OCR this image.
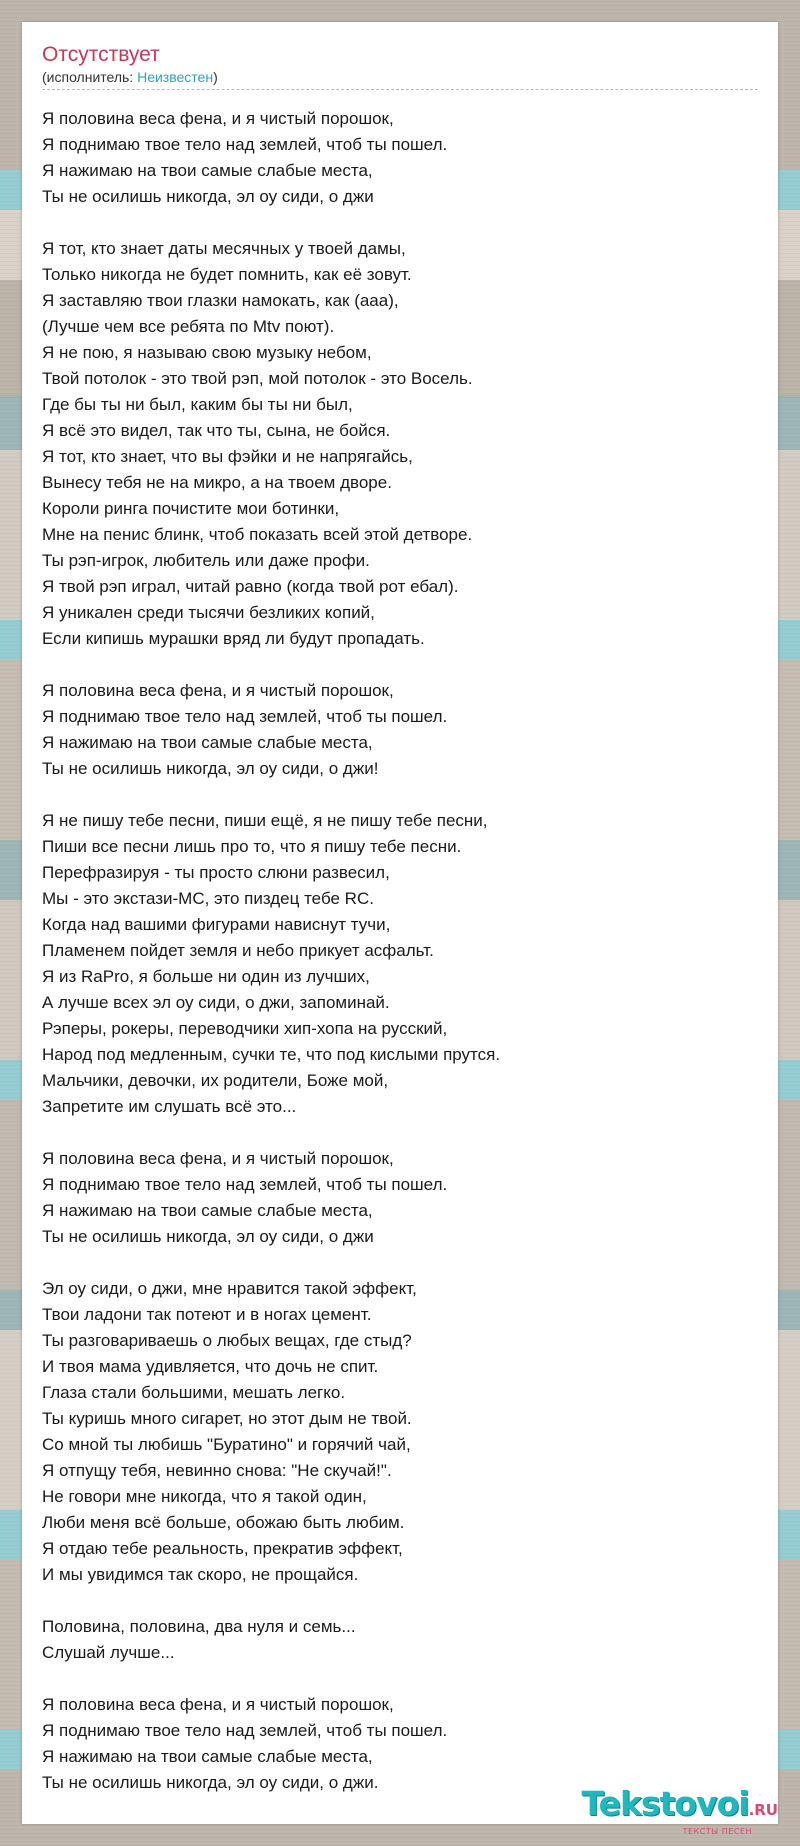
Отсутствует
(исполнитель: Неизвестен)
Я половина веса фена, и я чистый порошок,
Я поднимаю твое тело над землей, чтоб ты пошел.
Я нажимаю на твои самые слабые места,
Ты не осилишь никогда, эл оу сиди, о джи
Я тот, кто знает даты месячных у твоей дамы,
Только никогда не будет помнить, как её зовут.
Я заставляю твои глазки намокать, как (ааа),
(Лучше чем все ребята по Mtv поют).
Я не пою, я называю свою музыку небом,
Твой потолок - это твой рэп, мой потолок - это Восель.
Где бы ты ни был, каким бы ты ни был,
Я всё это видел, так что ты, сына, не бойся.
Я тот, кто знает, что вы фэйки и не напрягайсь,
Вынесу тебя не на микро, а на твоем дворе.
Короли ринга почистите мои ботинки,
Мне на пенис блинк, чтоб показать всей этой детворе.
Ты рэп-игрок, любитель или даже профи.
Я твой рэп играл, читай равно (когда твой рот ебал).
Я уникален среди тысячи безликих копий,
Если кипишь мурашки вряд ли будут пропадать.
Я половина веса фена, и я чистый порошок,
Я поднимаю твое тело над землей, чтоб ты пошел.
Я нажимаю на твои самые слабые места,
Ты не осилишь никогда, эл оу сиди, о джи!
Я не пишу тебе песни, пиши ещё, я не пишу тебе песни,
Пиши все песни лишь про то, что я пишу тебе песни.
Перефразируя - ты просто слюни развесил,
Мы - это экстази-МС, это пиздец тебе RC.
Когда над вашими фигурами нависнут тучи,
Пламенем пойдет земля и небо прикует асфальт.
Я из RaPro, я больше ни один из лучших,
А лучше всех эл оу сиди, о джи, запоминай.
Рэперы, рокеры, переводчики хип-хопа на русский,
Народ под медленным, сучки те, что под кислыми прутся.
Мальчики, девочки, их родители, Боже мой,
Запретите им слушать всё это...
Я половина веса фена, и я чистый порошок,
Я поднимаю твое тело над землей, чтоб ты пошел.
Я нажимаю на твои самые слабые места,
Ты не осилишь никогда, эл оу сиди, о джи
Эл оу сиди, о джи, мне нравится такой эффект,
Твои ладони так потеют и в ногах цемент.
Ты разговариваешь о любых вещах, где стыд?
И твоя мама удивляется, что дочь не спит.
Глаза стали большими, мешать легко.
Ты куришь много сигарет, но этот дым не твой.
Со мной ты любишь "Буратино" и горячий чай,
Я отпущу тебя, невинно снова: "Не скучай!".
Не говори мне никогда, что я такой один,
Люби меня всё больше, обожаю быть любим.
Я отдаю тебе реальность, прекратив эффект,
И мы увидимся так скоро, не прощайся.
Половина, половина, два нуля и семь...
Слушай лучше...
Я половина веса фена, и я чистый порошок,
Я поднимаю твое тело над землей, чтоб ты пошел.
Я нажимаю на твои самые слабые места,
Ты не осилишь никогда, эл оу сиди, о джи.
Tekstovoi.RU
ТЕКСТЫ ПЕСЕН
